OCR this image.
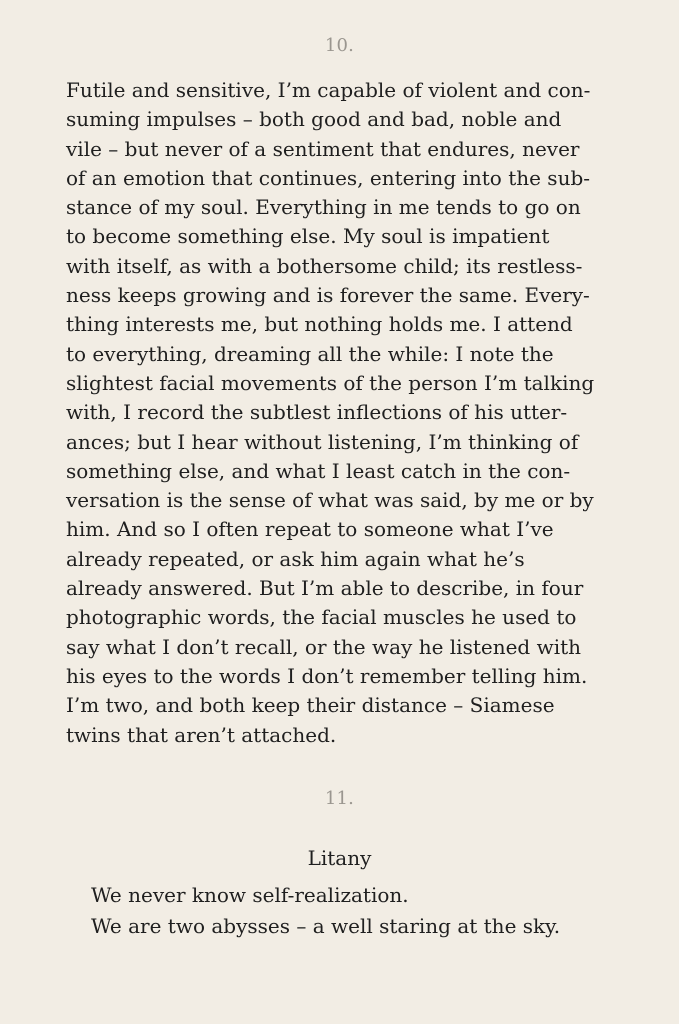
10.
Futile and sensitive, I’m capable of violent and con-
suming impulses – both good and bad, noble and
vile – but never of a sentiment that endures, never
of an emotion that continues, entering into the sub-
stance of my soul. Everything in me tends to go on
to become something else. My soul is impatient
with itself, as with a bothersome child; its restless-
ness keeps growing and is forever the same. Every-
thing interests me, but nothing holds me. I attend
to everything, dreaming all the while: I note the
slightest facial movements of the person I’m talking
with, I record the subtlest inflections of his utter-
ances; but I hear without listening, I’m thinking of
something else, and what I least catch in the con-
versation is the sense of what was said, by me or by
him. And so I often repeat to someone what I’ve
already repeated, or ask him again what he’s
already answered. But I’m able to describe, in four
photographic words, the facial muscles he used to
say what I don’t recall, or the way he listened with
his eyes to the words I don’t remember telling him.
I’m two, and both keep their distance – Siamese
twins that aren’t attached.
11.
Litany
We never know self-realization.
We are two abysses – a well staring at the sky.
